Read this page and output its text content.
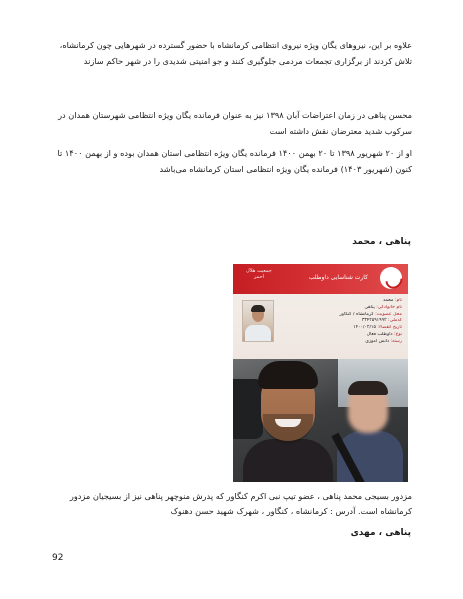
علاوه بر این، نیروهای یگان ویژه نیروی انتظامی کرمانشاه با حضور گسترده در شهرهایی چون کرمانشاه، تلاش کردند از برگزاری تجمعات مردمی جلوگیری کنند و جو امنیتی شدیدی را در شهر حاکم سازند
محسن پناهی در زمان اعتراضات آبان ۱۳۹۸ نیز به عنوان فرمانده یگان ویژه انتظامی شهرستان همدان در سرکوب شدید معترضان نقش داشته است
او از ۲۰ شهریور ۱۳۹۸ تا ۲۰ بهمن ۱۴۰۰ فرمانده یگان ویژه انتظامی استان همدان بوده و از بهمن ۱۴۰۰ تا کنون (شهریور ۱۴۰۳) فرمانده یگان ویژه انتظامی استان کرمانشاه می‌باشد
پناهی ، محمد
جمعیت هلال احمر	کارت شناسایی داوطلب
نام: محمد
نام خانوادگی: پناهی
محل عضویت: کرمانشاه / کنگاور
کدملی: ۳۳۴۲۵۹۱۹۹۲
تاریخ انقضاء: ۱۴۰۰/۰۲/۱۵
نوع: داوطلب فعال
رسته: دانش آموزی
مزدور بسیجی محمد پناهی ، عضو تیپ نبی اکرم کنگاور که پدرش منوچهر پناهی نیز از بسیجیان مزدور کرمانشاه است. آدرس : کرمانشاه ، کنگاور ، شهرک شهید حسن دهنوک
پناهی ، مهدی
92
